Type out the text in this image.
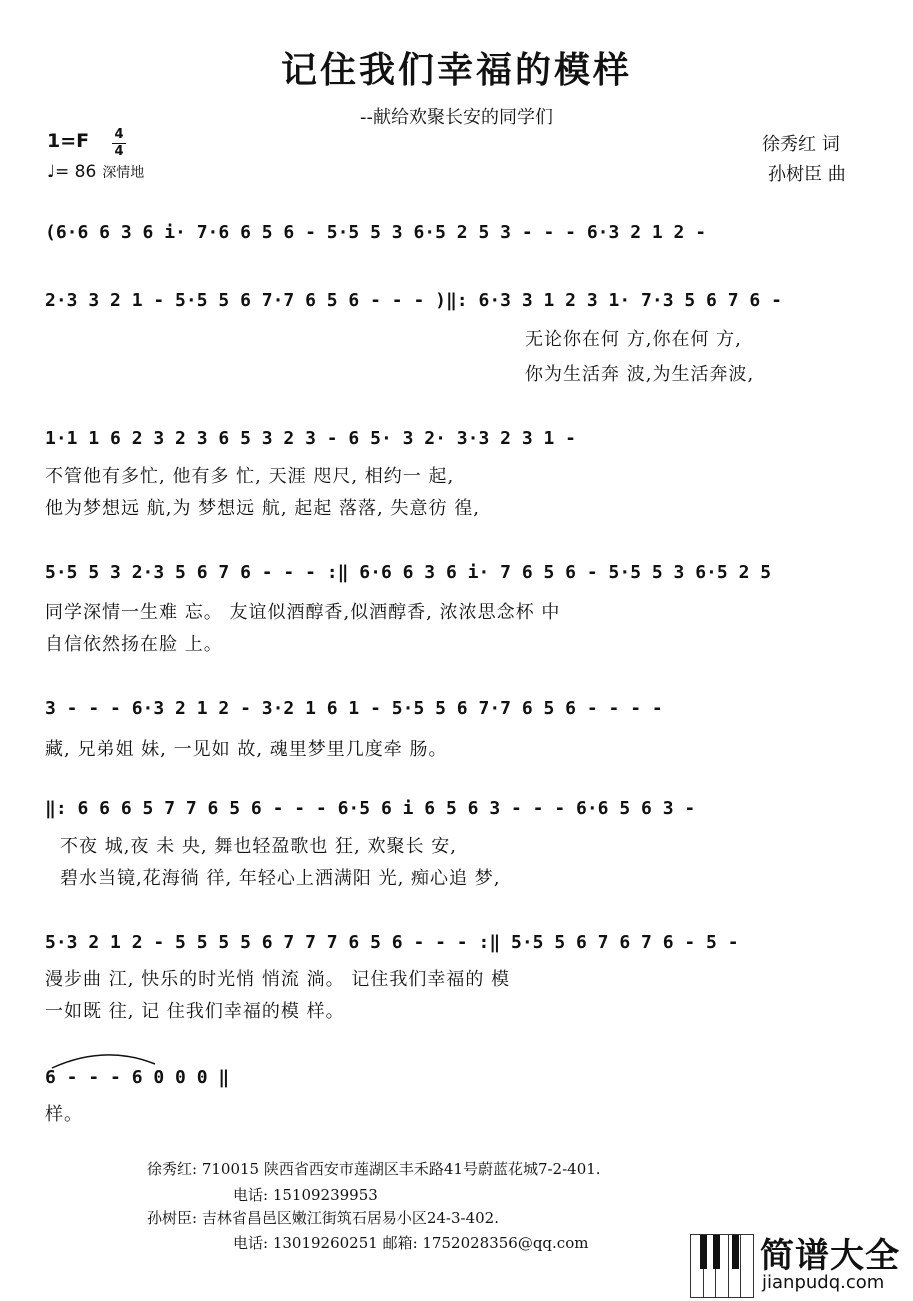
记住我们幸福的模样
--献给欢聚长安的同学们
1=F 4
4
♩= 86 深情地
徐秀红 词
孙树臣 曲
(6·6 6 3 6 i· 7·6 6 5 6 - 5·5 5 3 6·5 2 5 3 - - - 6·3 2 1 2 -
2·3 3 2 1 - 5·5 5 6 7·7 6 5 6 - - - )‖: 6·3 3 1 2 3 1· 7·3 5 6 7 6 -
无论你在何 方,你在何 方,
你为生活奔 波,为生活奔波,
1·1 1 6 2 3 2 3 6 5 3 2 3 - 6 5· 3 2· 3·3 2 3 1 -
不管他有多忙, 他有多 忙, 天涯 咫尺, 相约一 起,
他为梦想远 航,为 梦想远 航, 起起 落落, 失意彷 徨,
5·5 5 3 2·3 5 6 7 6 - - - :‖ 6·6 6 3 6 i· 7 6 5 6 - 5·5 5 3 6·5 2 5
同学深情一生难 忘。 友谊似酒醇香,似酒醇香, 浓浓思念杯 中
自信依然扬在脸 上。
3 - - - 6·3 2 1 2 - 3·2 1 6 1 - 5·5 5 6 7·7 6 5 6 - - - -
藏, 兄弟姐 妹, 一见如 故, 魂里梦里几度牵 肠。
‖: 6 6 6 5 7 7 6 5 6 - - - 6·5 6 i 6 5 6 3 - - - 6·6 5 6 3 -
不夜 城,夜 未 央, 舞也轻盈歌也 狂, 欢聚长 安,
碧水当镜,花海徜 徉, 年轻心上洒满阳 光, 痴心追 梦,
5·3 2 1 2 - 5 5 5 5 6 7 7 7 6 5 6 - - - :‖ 5·5 5 6 7 6 7 6 - 5 -
漫步曲 江, 快乐的时光悄 悄流 淌。 记住我们幸福的 模
一如既 往, 记 住我们幸福的模 样。
6 - - - 6 0 0 0 ‖
样。
徐秀红: 710015 陕西省西安市莲湖区丰禾路41号蔚蓝花城7-2-401.
电话: 15109239953
孙树臣: 吉林省昌邑区嫩江街筑石居易小区24-3-402.
电话: 13019260251 邮箱: 1752028356@qq.com	简谱大全
jianpudq.com
